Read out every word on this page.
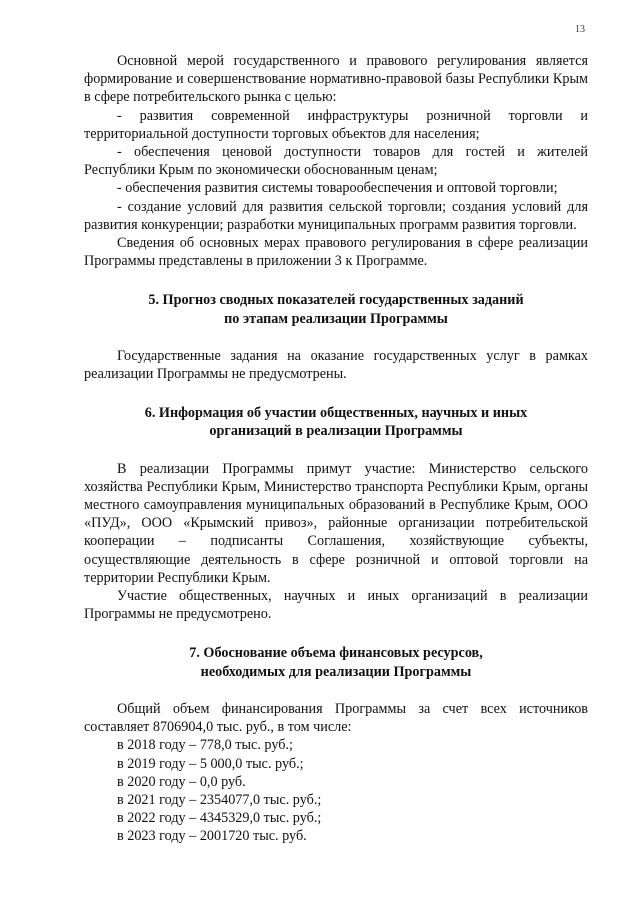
13

Основной мерой государственного и правового регулирования является формирование и совершенствование нормативно-правовой базы Республики Крым в сфере потребительского рынка с целью:

- развития современной инфраструктуры розничной торговли и территориальной доступности торговых объектов для населения;

- обеспечения ценовой доступности товаров для гостей и жителей Республики Крым по экономически обоснованным ценам;

- обеспечения развития системы товарообеспечения и оптовой торговли;

- создание условий для развития сельской торговли; создания условий для развития конкуренции; разработки муниципальных программ развития торговли.

Сведения об основных мерах правового регулирования в сфере реализации Программы представлены в приложении 3 к Программе.

5. Прогноз сводных показателей государственных заданий
по этапам реализации Программы

Государственные задания на оказание государственных услуг в рамках реализации Программы не предусмотрены.

6. Информация об участии общественных, научных и иных
организаций в реализации Программы

В реализации Программы примут участие: Министерство сельского хозяйства Республики Крым, Министерство транспорта Республики Крым, органы местного самоуправления муниципальных образований в Республике Крым, ООО «ПУД», ООО «Крымский привоз», районные организации потребительской кооперации – подписанты Соглашения, хозяйствующие субъекты, осуществляющие деятельность в сфере розничной и оптовой торговли на территории Республики Крым.

Участие общественных, научных и иных организаций в реализации Программы не предусмотрено.

7. Обоснование объема финансовых ресурсов,
необходимых для реализации Программы

Общий объем финансирования Программы за счет всех источников составляет 8706904,0 тыс. руб., в том числе:

в 2018 году – 778,0 тыс. руб.;
в 2019 году – 5 000,0 тыс. руб.;
в 2020 году – 0,0 руб.
в 2021 году – 2354077,0 тыс. руб.;
в 2022 году – 4345329,0 тыс. руб.;
в 2023 году – 2001720 тыс. руб.
